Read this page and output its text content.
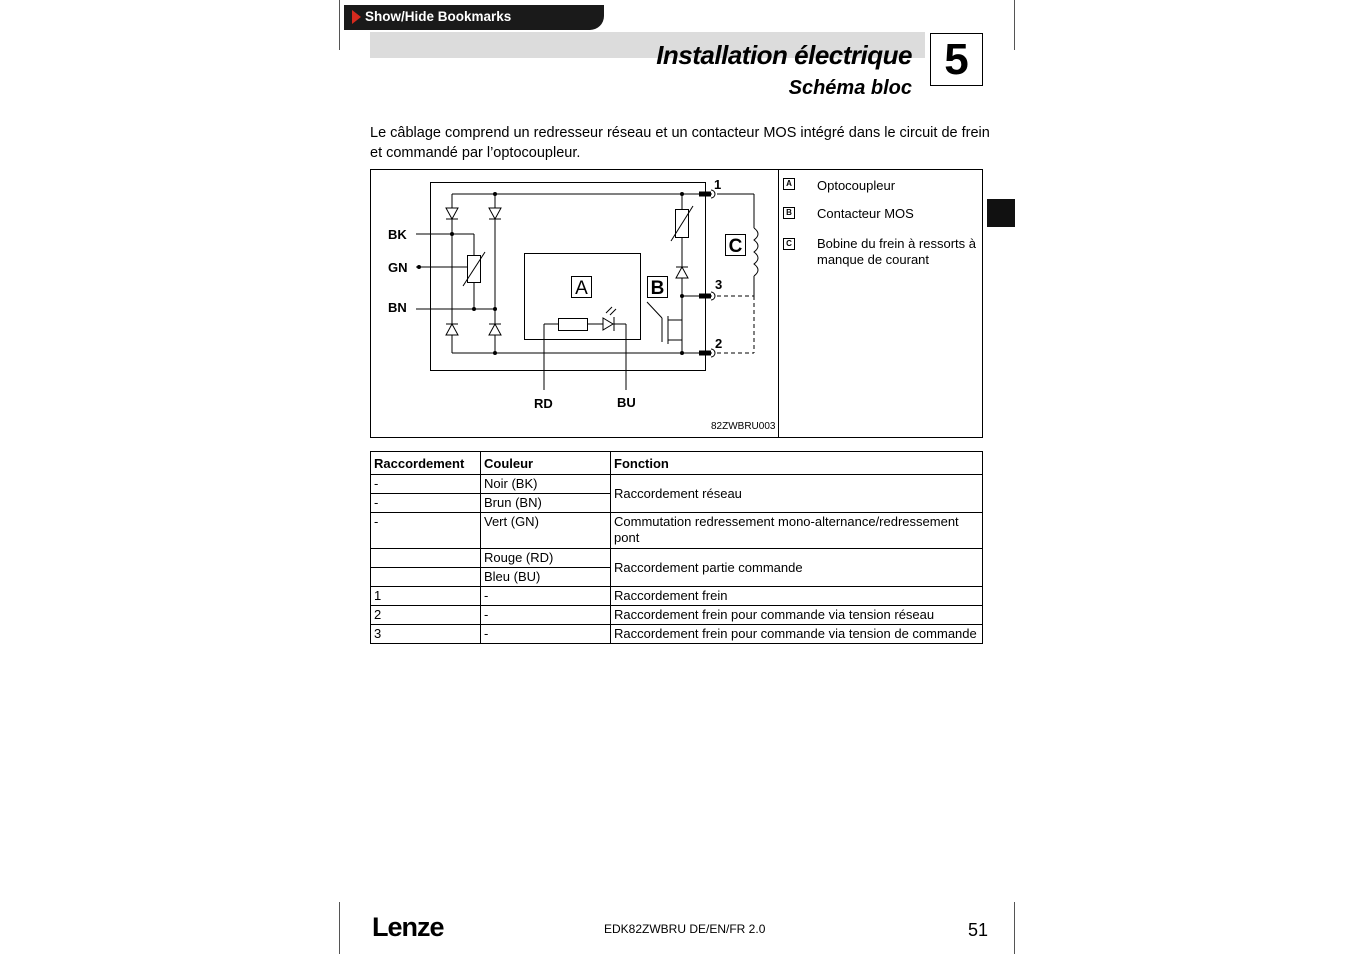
Show/Hide Bookmarks
Installation électrique
Schéma bloc
5
Le câblage comprend un redresseur réseau et un contacteur MOS intégré dans le circuit de frein et commandé par l’optocoupleur.
A	B
C
BK
GN
BN
RD	BU
1
3
2
82ZWBRU003
A Optocoupleur
B Contacteur MOS
C Bobine du frein à ressorts à manque de courant
Raccordement	Couleur	Fonction
-	Noir (BK)	Raccordement réseau
-	Brun (BN)	
-	Vert (GN)	Commutation redressement mono-alternance/redressement pont
	Rouge (RD)	Raccordement partie commande
	Bleu (BU)	
1	-	Raccordement frein
2	-	Raccordement frein pour commande via tension réseau
3	-	Raccordement frein pour commande via tension de commande
Lenze	EDK82ZWBRU DE/EN/FR 2.0	51
